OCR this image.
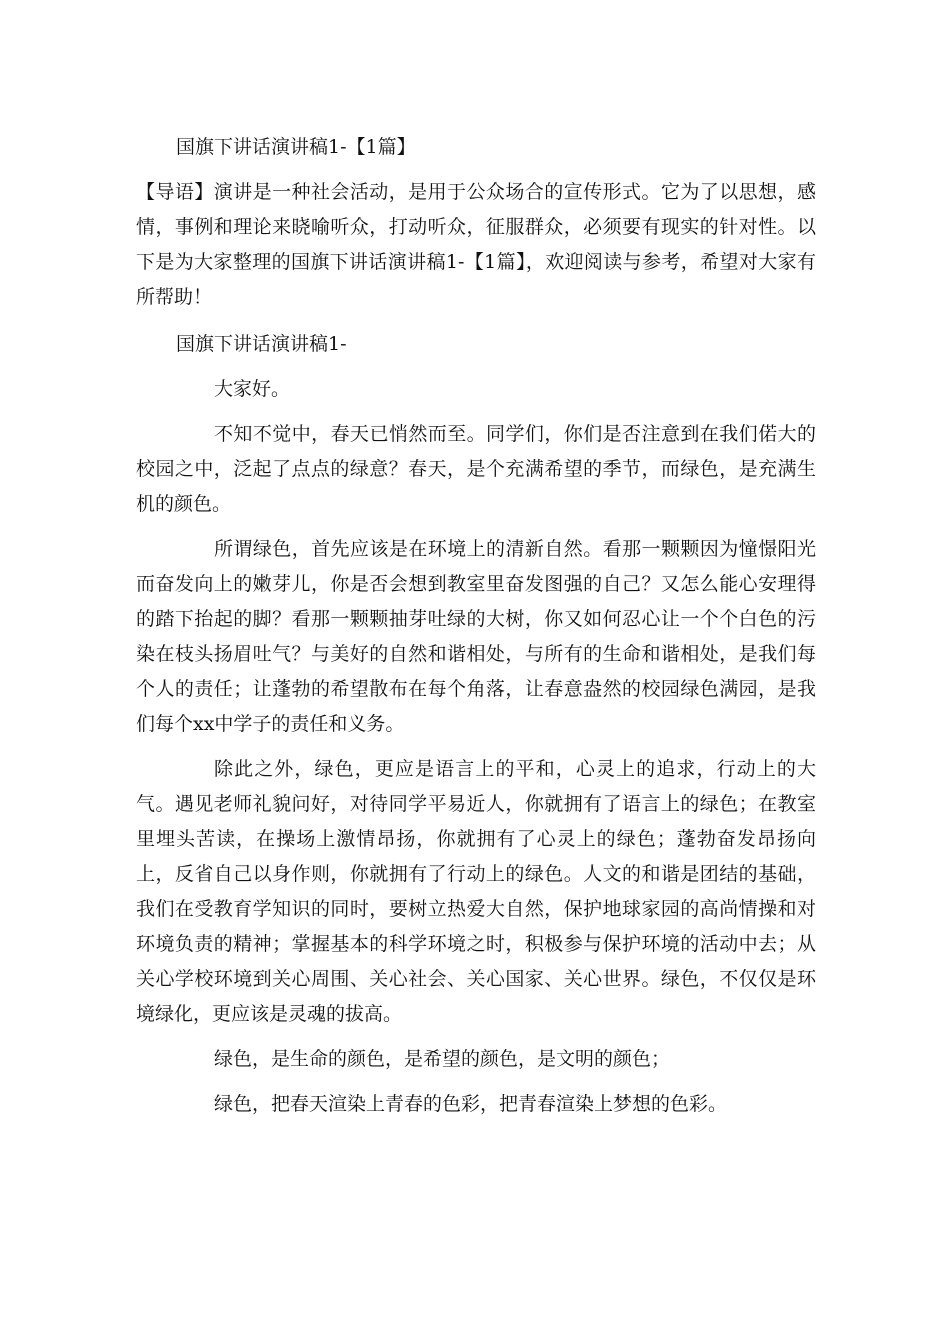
国旗下讲话演讲稿1-【1篇】

【导语】演讲是一种社会活动，是用于公众场合的宣传形式。它为了以思想，感情，事例和理论来晓喻听众，打动听众，征服群众，必须要有现实的针对性。以下是为大家整理的国旗下讲话演讲稿1-【1篇】，欢迎阅读与参考，希望对大家有所帮助！

国旗下讲话演讲稿1-

大家好。

不知不觉中，春天已悄然而至。同学们，你们是否注意到在我们偌大的校园之中，泛起了点点的绿意？春天，是个充满希望的季节，而绿色，是充满生机的颜色。

所谓绿色，首先应该是在环境上的清新自然。看那一颗颗因为憧憬阳光而奋发向上的嫩芽儿，你是否会想到教室里奋发图强的自己？又怎么能心安理得的踏下抬起的脚？看那一颗颗抽芽吐绿的大树，你又如何忍心让一个个白色的污染在枝头扬眉吐气？与美好的自然和谐相处，与所有的生命和谐相处，是我们每个人的责任；让蓬勃的希望散布在每个角落，让春意盎然的校园绿色满园，是我们每个xx中学子的责任和义务。

除此之外，绿色，更应是语言上的平和，心灵上的追求，行动上的大气。遇见老师礼貌问好，对待同学平易近人，你就拥有了语言上的绿色；在教室里埋头苦读，在操场上激情昂扬，你就拥有了心灵上的绿色；蓬勃奋发昂扬向上，反省自己以身作则，你就拥有了行动上的绿色。人文的和谐是团结的基础，我们在受教育学知识的同时，要树立热爱大自然，保护地球家园的高尚情操和对环境负责的精神；掌握基本的科学环境之时，积极参与保护环境的活动中去；从关心学校环境到关心周围、关心社会、关心国家、关心世界。绿色，不仅仅是环境绿化，更应该是灵魂的拔高。

绿色，是生命的颜色，是希望的颜色，是文明的颜色；

绿色，把春天渲染上青春的色彩，把青春渲染上梦想的色彩。
